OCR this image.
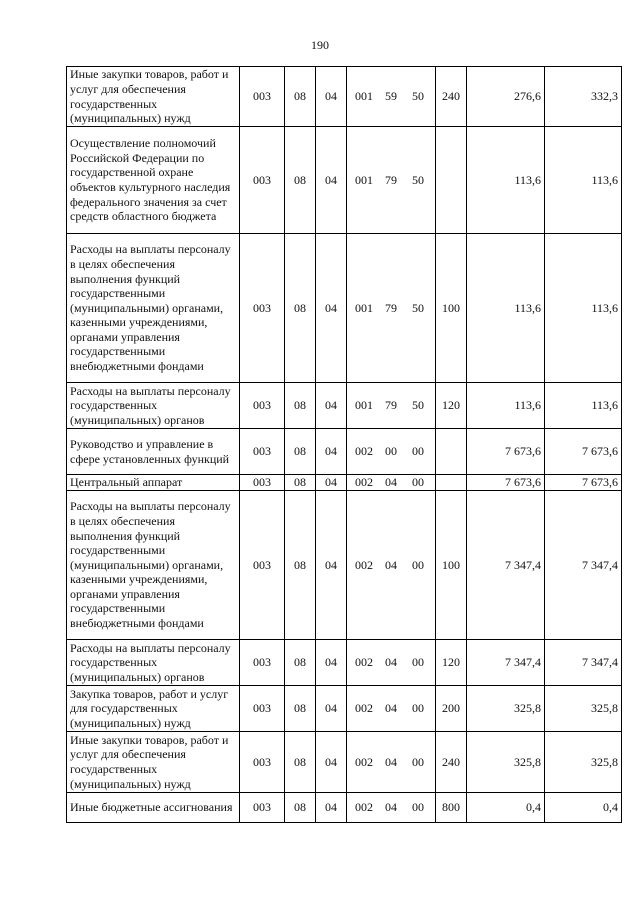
190
Иные закупки товаров, работ и услуг для обеспечения государственных (муниципальных) нужд	003	08	04	001 59 50	240	276,6	332,3
Осуществление полномочий Российской Федерации по государственной охране объектов культурного наследия федерального значения за счет средств областного бюджета	003	08	04	001 79 50		113,6	113,6
Расходы на выплаты персоналу в целях обеспечения выполнения функций государственными (муниципальными) органами, казенными учреждениями, органами управления государственными внебюджетными фондами	003	08	04	001 79 50	100	113,6	113,6
Расходы на выплаты персоналу государственных (муниципальных) органов	003	08	04	001 79 50	120	113,6	113,6
Руководство и управление в сфере установленных функций	003	08	04	002 00 00		7 673,6	7 673,6
Центральный аппарат	003	08	04	002 04 00		7 673,6	7 673,6
Расходы на выплаты персоналу в целях обеспечения выполнения функций государственными (муниципальными) органами, казенными учреждениями, органами управления государственными внебюджетными фондами	003	08	04	002 04 00	100	7 347,4	7 347,4
Расходы на выплаты персоналу государственных (муниципальных) органов	003	08	04	002 04 00	120	7 347,4	7 347,4
Закупка товаров, работ и услуг для государственных (муниципальных) нужд	003	08	04	002 04 00	200	325,8	325,8
Иные закупки товаров, работ и услуг для обеспечения государственных (муниципальных) нужд	003	08	04	002 04 00	240	325,8	325,8
Иные бюджетные ассигнования	003	08	04	002 04 00	800	0,4	0,4
